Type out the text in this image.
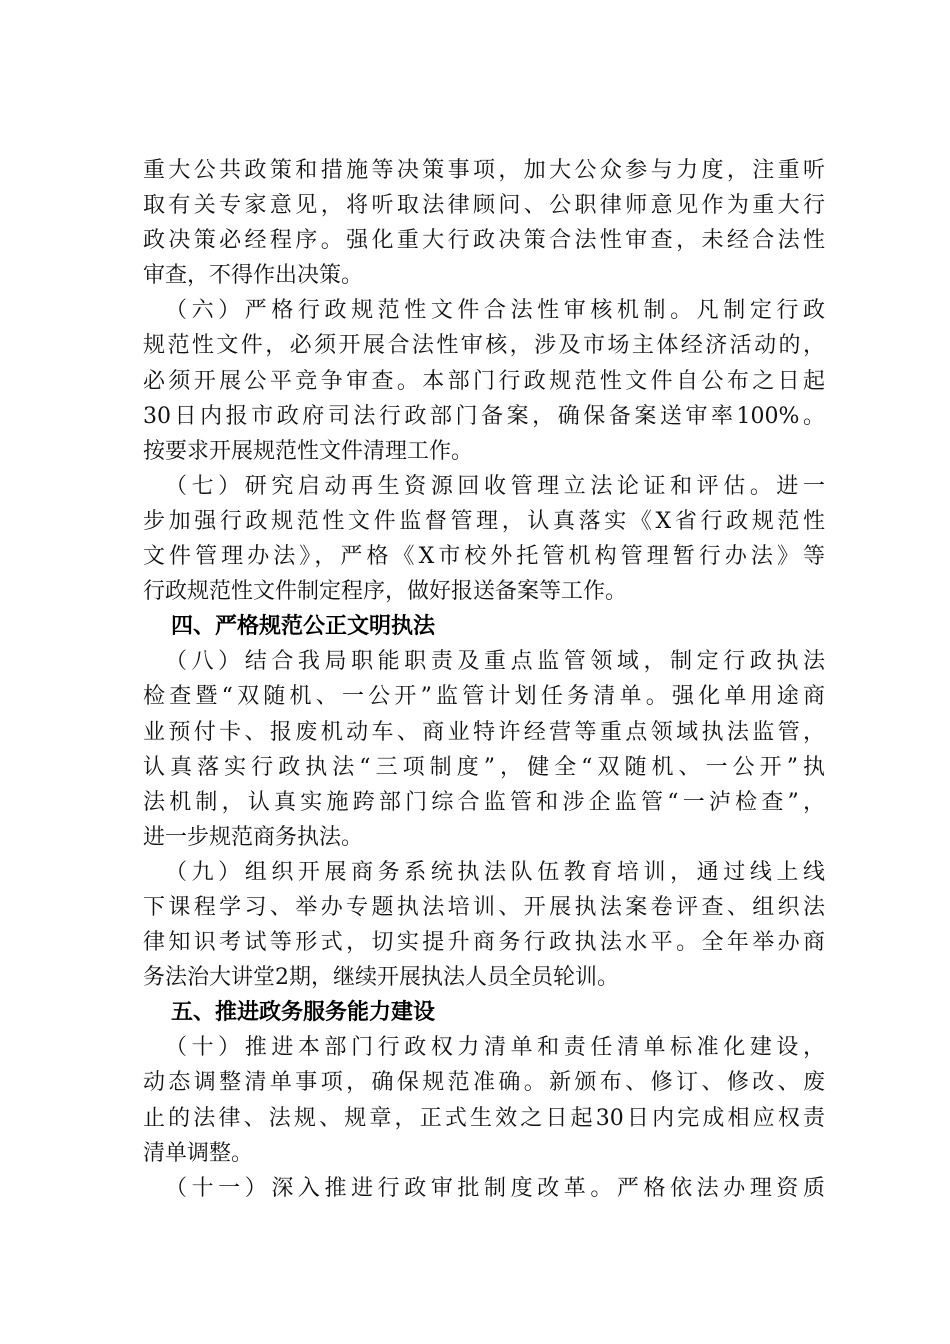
重大公共政策和措施等决策事项，加大公众参与力度，注重听
取有关专家意见，将听取法律顾问、公职律师意见作为重大行
政决策必经程序。强化重大行政决策合法性审查，未经合法性
审查，不得作出决策。
（六）严格行政规范性文件合法性审核机制。凡制定行政
规范性文件，必须开展合法性审核，涉及市场主体经济活动的，
必须开展公平竞争审查。本部门行政规范性文件自公布之日起
30日内报市政府司法行政部门备案，确保备案送审率100%。
按要求开展规范性文件清理工作。
（七）研究启动再生资源回收管理立法论证和评估。进一
步加强行政规范性文件监督管理，认真落实《X省行政规范性
文件管理办法》，严格《X市校外托管机构管理暂行办法》等
行政规范性文件制定程序，做好报送备案等工作。
四、严格规范公正文明执法
（八）结合我局职能职责及重点监管领域，制定行政执法
检查暨“双随机、一公开”监管计划任务清单。强化单用途商
业预付卡、报废机动车、商业特许经营等重点领域执法监管，
认真落实行政执法“三项制度”，健全“双随机、一公开”执
法机制，认真实施跨部门综合监管和涉企监管“一泸检查”，
进一步规范商务执法。
（九）组织开展商务系统执法队伍教育培训，通过线上线
下课程学习、举办专题执法培训、开展执法案卷评查、组织法
律知识考试等形式，切实提升商务行政执法水平。全年举办商
务法治大讲堂2期，继续开展执法人员全员轮训。
五、推进政务服务能力建设
（十）推进本部门行政权力清单和责任清单标准化建设，
动态调整清单事项，确保规范准确。新颁布、修订、修改、废
止的法律、法规、规章，正式生效之日起30日内完成相应权责
清单调整。
（十一）深入推进行政审批制度改革。严格依法办理资质
